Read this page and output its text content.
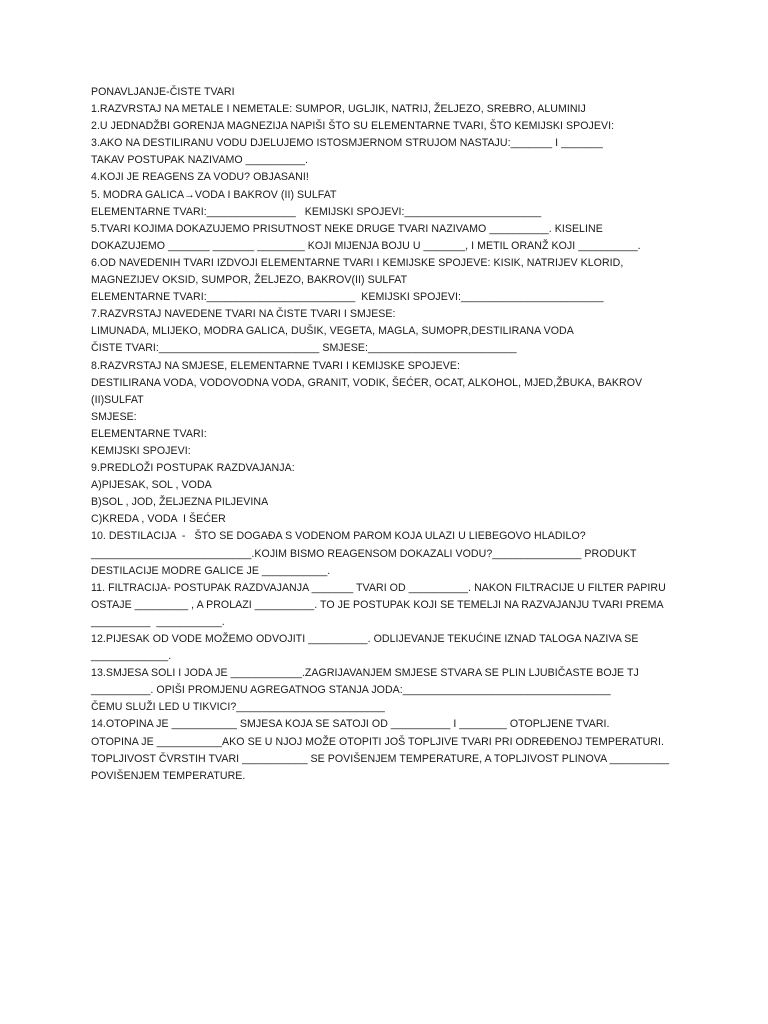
PONAVLJANJE-ČISTE TVARI
1.RAZVRSTAJ NA METALE I NEMETALE: SUMPOR, UGLJIK, NATRIJ, ŽELJEZO, SREBRO, ALUMINIJ
2.U JEDNADŽBI GORENJA MAGNEZIJA NAPIŠI ŠTO SU ELEMENTARNE TVARI, ŠTO KEMIJSKI SPOJEVI:
3.AKO NA DESTILIRANU VODU DJELUJEMO ISTOSMJERNOM STRUJOM NASTAJU:_______ I _______
TAKAV POSTUPAK NAZIVAMO __________.
4.KOJI JE REAGENS ZA VODU? OBJASANI!
5. MODRA GALICA→VODA I BAKROV (II) SULFAT
ELEMENTARNE TVARI:_______________   KEMIJSKI SPOJEVI:_______________________
5.TVARI KOJIMA DOKAZUJEMO PRISUTNOST NEKE DRUGE TVARI NAZIVAMO __________. KISELINE
DOKAZUJEMO _______ _______ ________ KOJI MIJENJA BOJU U _______, I METIL ORANŽ KOJI __________.
6.OD NAVEDENIH TVARI IZDVOJI ELEMENTARNE TVARI I KEMIJSKE SPOJEVE: KISIK, NATRIJEV KLORID,
MAGNEZIJEV OKSID, SUMPOR, ŽELJEZO, BAKROV(II) SULFAT
ELEMENTARNE TVARI:_________________________  KEMIJSKI SPOJEVI:________________________
7.RAZVRSTAJ NAVEDENE TVARI NA ČISTE TVARI I SMJESE:
LIMUNADA, MLIJEKO, MODRA GALICA, DUŠIK, VEGETA, MAGLA, SUMOPR,DESTILIRANA VODA
ČISTE TVARI:___________________________ SMJESE:_________________________
8.RAZVRSTAJ NA SMJESE, ELEMENTARNE TVARI I KEMIJSKE SPOJEVE:
DESTILIRANA VODA, VODOVODNA VODA, GRANIT, VODIK, ŠEĆER, OCAT, ALKOHOL, MJED,ŽBUKA, BAKROV
(II)SULFAT
SMJESE:
ELEMENTARNE TVARI:
KEMIJSKI SPOJEVI:
9.PREDLOŽI POSTUPAK RAZDVAJANJA:
A)PIJESAK, SOL , VODA
B)SOL , JOD, ŽELJEZNA PILJEVINA
C)KREDA , VODA  I ŠEĆER
10. DESTILACIJA  -   ŠTO SE DOGAĐA S VODENOM PAROM KOJA ULAZI U LIEBEGOVO HLADILO?
___________________________.KOJIM BISMO REAGENSOM DOKAZALI VODU?_______________ PRODUKT
DESTILACIJE MODRE GALICE JE ___________.
11. FILTRACIJA- POSTUPAK RAZDVAJANJA _______ TVARI OD __________. NAKON FILTRACIJE U FILTER PAPIRU
OSTAJE _________ , A PROLAZI __________. TO JE POSTUPAK KOJI SE TEMELJI NA RAZVAJANJU TVARI PREMA
__________  ___________.
12.PIJESAK OD VODE MOŽEMO ODVOJITI __________. ODLIJEVANJE TEKUĆINE IZNAD TALOGA NAZIVA SE
_____________.
13.SMJESA SOLI I JODA JE ____________.ZAGRIJAVANJEM SMJESE STVARA SE PLIN LJUBIČASTE BOJE TJ
__________. OPIŠI PROMJENU AGREGATNOG STANJA JODA:___________________________________
ČEMU SLUŽI LED U TIKVICI?_________________________
14.OTOPINA JE ___________ SMJESA KOJA SE SATOJI OD __________ I ________ OTOPLJENE TVARI.
OTOPINA JE ___________AKO SE U NJOJ MOŽE OTOPITI JOŠ TOPLJIVE TVARI PRI ODREĐENOJ TEMPERATURI.
TOPLJIVOST ČVRSTIH TVARI ___________ SE POVIŠENJEM TEMPERATURE, A TOPLJIVOST PLINOVA __________
POVIŠENJEM TEMPERATURE.
